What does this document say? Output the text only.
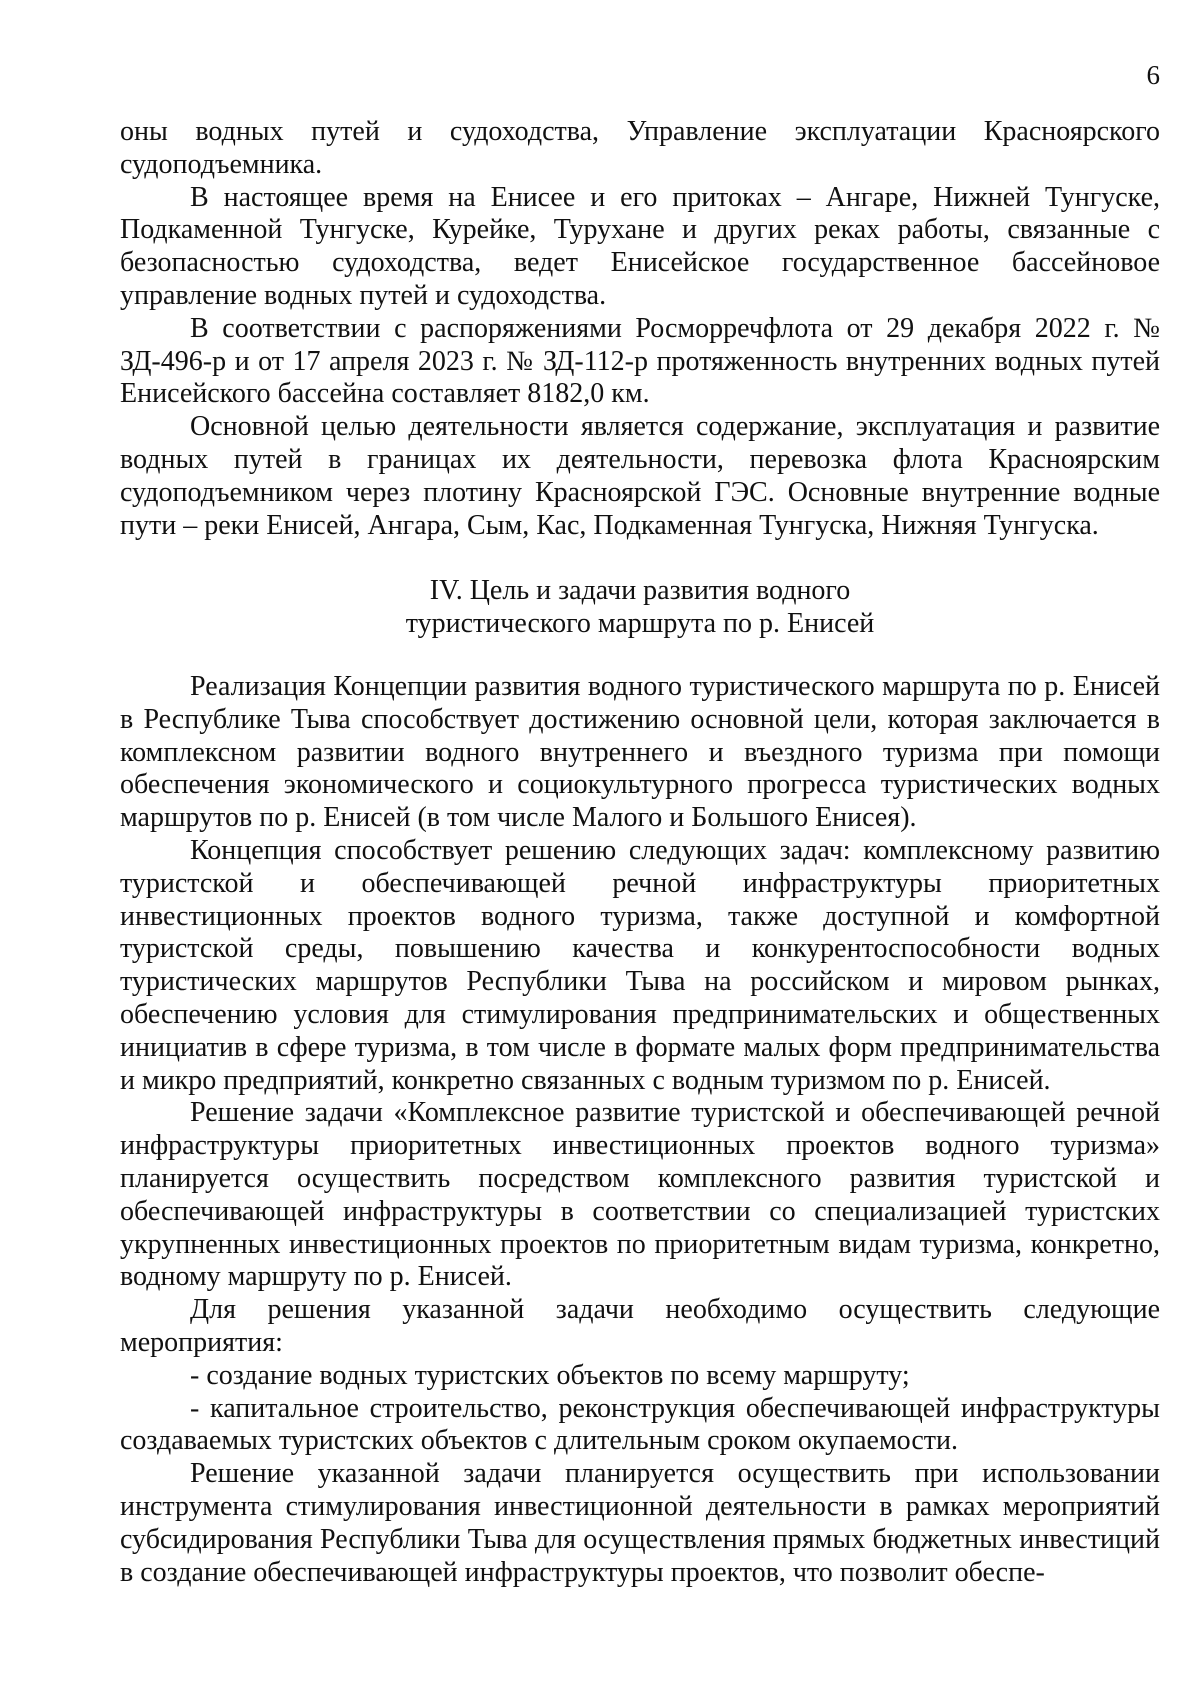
6

оны водных путей и судоходства, Управление эксплуатации Красноярского судоподъемника.

В настоящее время на Енисее и его притоках – Ангаре, Нижней Тунгуске, Подкаменной Тунгуске, Курейке, Турухане и других реках работы, связанные с безопасностью судоходства, ведет Енисейское государственное бассейновое управление водных путей и судоходства.

В соответствии с распоряжениями Росморречфлота от 29 декабря 2022 г. № ЗД-496-р и от 17 апреля 2023 г. № ЗД-112-р протяженность внутренних водных путей Енисейского бассейна составляет 8182,0 км.

Основной целью деятельности является содержание, эксплуатация и развитие водных путей в границах их деятельности, перевозка флота Красноярским судоподъемником через плотину Красноярской ГЭС. Основные внутренние водные пути – реки Енисей, Ангара, Сым, Кас, Подкаменная Тунгуска, Нижняя Тунгуска.

IV. Цель и задачи развития водного
туристического маршрута по р. Енисей

Реализация Концепции развития водного туристического маршрута по р. Енисей в Республике Тыва способствует достижению основной цели, которая заключается в комплексном развитии водного внутреннего и въездного туризма при помощи обеспечения экономического и социокультурного прогресса туристических водных маршрутов по р. Енисей (в том числе Малого и Большого Енисея).

Концепция способствует решению следующих задач: комплексному развитию туристской и обеспечивающей речной инфраструктуры приоритетных инвестиционных проектов водного туризма, также доступной и комфортной туристской среды, повышению качества и конкурентоспособности водных туристических маршрутов Республики Тыва на российском и мировом рынках, обеспечению условия для стимулирования предпринимательских и общественных инициатив в сфере туризма, в том числе в формате малых форм предпринимательства и микро предприятий, конкретно связанных с водным туризмом по р. Енисей.

Решение задачи «Комплексное развитие туристской и обеспечивающей речной инфраструктуры приоритетных инвестиционных проектов водного туризма» планируется осуществить посредством комплексного развития туристской и обеспечивающей инфраструктуры в соответствии со специализацией туристских укрупненных инвестиционных проектов по приоритетным видам туризма, конкретно, водному маршруту по р. Енисей.

Для решения указанной задачи необходимо осуществить следующие мероприятия:

- создание водных туристских объектов по всему маршруту;

- капитальное строительство, реконструкция обеспечивающей инфраструктуры создаваемых туристских объектов с длительным сроком окупаемости.

Решение указанной задачи планируется осуществить при использовании инструмента стимулирования инвестиционной деятельности в рамках мероприятий субсидирования Республики Тыва для осуществления прямых бюджетных инвестиций в создание обеспечивающей инфраструктуры проектов, что позволит обеспе-
